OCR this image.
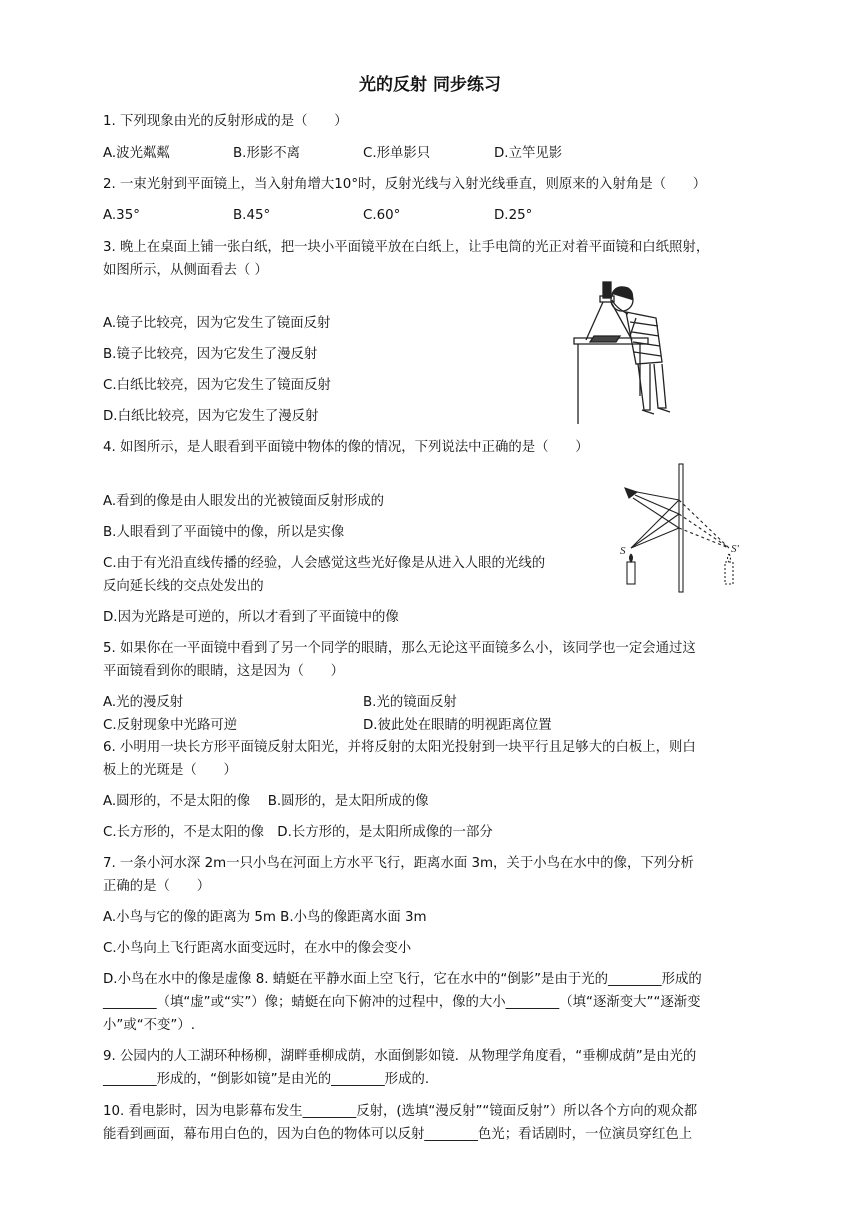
光的反射 同步练习
1. 下列现象由光的反射形成的是（　　）
A.波光粼粼	B.形影不离	C.形单影只	D.立竿见影
2. 一束光射到平面镜上，当入射角增大10°时，反射光线与入射光线垂直，则原来的入射角是（　　）
A.35°	B.45°	C.60°	D.25°
3. 晚上在桌面上铺一张白纸，把一块小平面镜平放在白纸上，让手电筒的光正对着平面镜和白纸照射，
如图所示，从侧面看去（ ）
A.镜子比较亮，因为它发生了镜面反射
B.镜子比较亮，因为它发生了漫反射
C.白纸比较亮，因为它发生了镜面反射
D.白纸比较亮，因为它发生了漫反射
4. 如图所示，是人眼看到平面镜中物体的像的情况，下列说法中正确的是（　　）
A.看到的像是由人眼发出的光被镜面反射形成的
B.人眼看到了平面镜中的像，所以是实像
C.由于有光沿直线传播的经验，人会感觉这些光好像是从进入人眼的光线的
反向延长线的交点处发出的
D.因为光路是可逆的，所以才看到了平面镜中的像
S	S'
5. 如果你在一平面镜中看到了另一个同学的眼睛，那么无论这平面镜多么小，该同学也一定会通过这
平面镜看到你的眼睛，这是因为（　　）
A.光的漫反射	B.光的镜面反射
C.反射现象中光路可逆	D.彼此处在眼睛的明视距离位置
6. 小明用一块长方形平面镜反射太阳光，并将反射的太阳光投射到一块平行且足够大的白板上，则白
板上的光斑是（　　）
A.圆形的，不是太阳的像　 B.圆形的，是太阳所成的像
C.长方形的，不是太阳的像　D.长方形的，是太阳所成像的一部分
7. 一条小河水深 2m一只小鸟在河面上方水平飞行，距离水面 3m，关于小鸟在水中的像，下列分析
正确的是（　　）
A.小鸟与它的像的距离为 5m B.小鸟的像距离水面 3m
C.小鸟向上飞行距离水面变远时，在水中的像会变小
D.小鸟在水中的像是虚像 8. 蜻蜓在平静水面上空飞行，它在水中的“倒影”是由于光的________形成的
________（填“虚”或“实”）像；蜻蜓在向下俯冲的过程中，像的大小________（填“逐渐变大”“逐渐变
小”或“不变”）.
9. 公园内的人工湖环种杨柳，湖畔垂柳成荫，水面倒影如镜．从物理学角度看，“垂柳成荫”是由光的
________形成的，“倒影如镜”是由光的________形成的.
10. 看电影时，因为电影幕布发生________反射，(选填“漫反射”“镜面反射”）所以各个方向的观众都
能看到画面，幕布用白色的，因为白色的物体可以反射________色光；看话剧时，一位演员穿红色上
